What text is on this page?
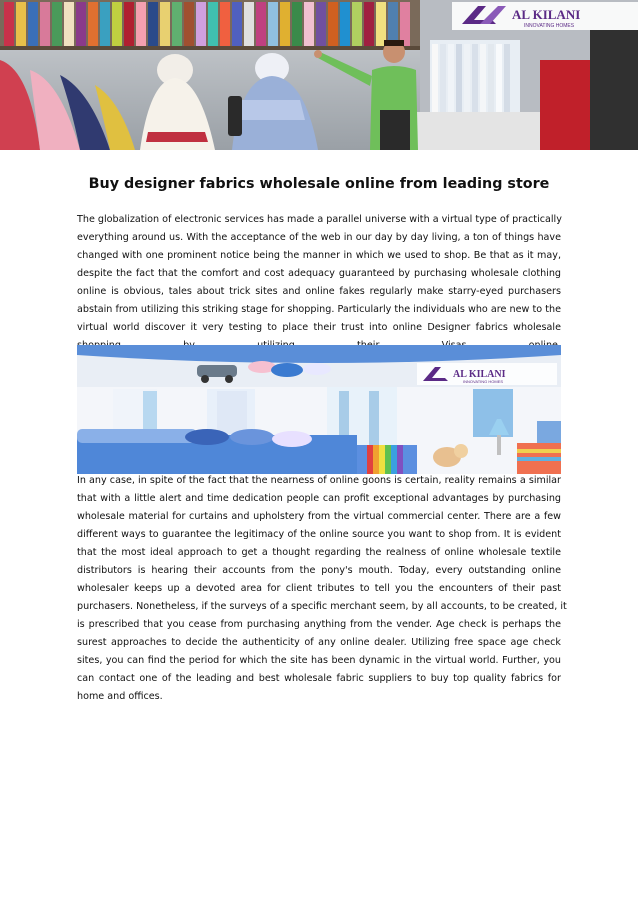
AL KILANI
INNOVATING HOMES
Buy designer fabrics wholesale online from leading store
The globalization of electronic services has made a parallel universe with a virtual type of practically
everything around us. With the acceptance of the web in our day by day living, a ton of things have
changed with one prominent notice being the manner in which we used to shop. Be that as it may,
despite the fact that the comfort and cost adequacy guaranteed by purchasing wholesale clothing
online is obvious, tales about trick sites and online fakes regularly make starry-eyed purchasers
abstain from utilizing this striking stage for shopping. Particularly the individuals who are new to the
virtual world discover it very testing to place their trust into online Designer fabrics wholesale
AL KILANI
INNOVATING HOMES
In any case, in spite of the fact that the nearness of online goons is certain, reality remains a similar
that with a little alert and time dedication people can profit exceptional advantages by purchasing
wholesale material for curtains and upholstery from the virtual commercial center. There are a few
different ways to guarantee the legitimacy of the online source you want to shop from. It is evident
that the most ideal approach to get a thought regarding the realness of online wholesale textile
distributors is hearing their accounts from the pony's mouth. Today, every outstanding online
wholesaler keeps up a devoted area for client tributes to tell you the encounters of their past
purchasers. Nonetheless, if the surveys of a specific merchant seem, by all accounts, to be created, it
is prescribed that you cease from purchasing anything from the vender. Age check is perhaps the
surest approaches to decide the authenticity of any online dealer. Utilizing free space age check
sites, you can find the period for which the site has been dynamic in the virtual world. Further, you
can contact one of the leading and best wholesale fabric suppliers to buy top quality fabrics for
home and offices.
